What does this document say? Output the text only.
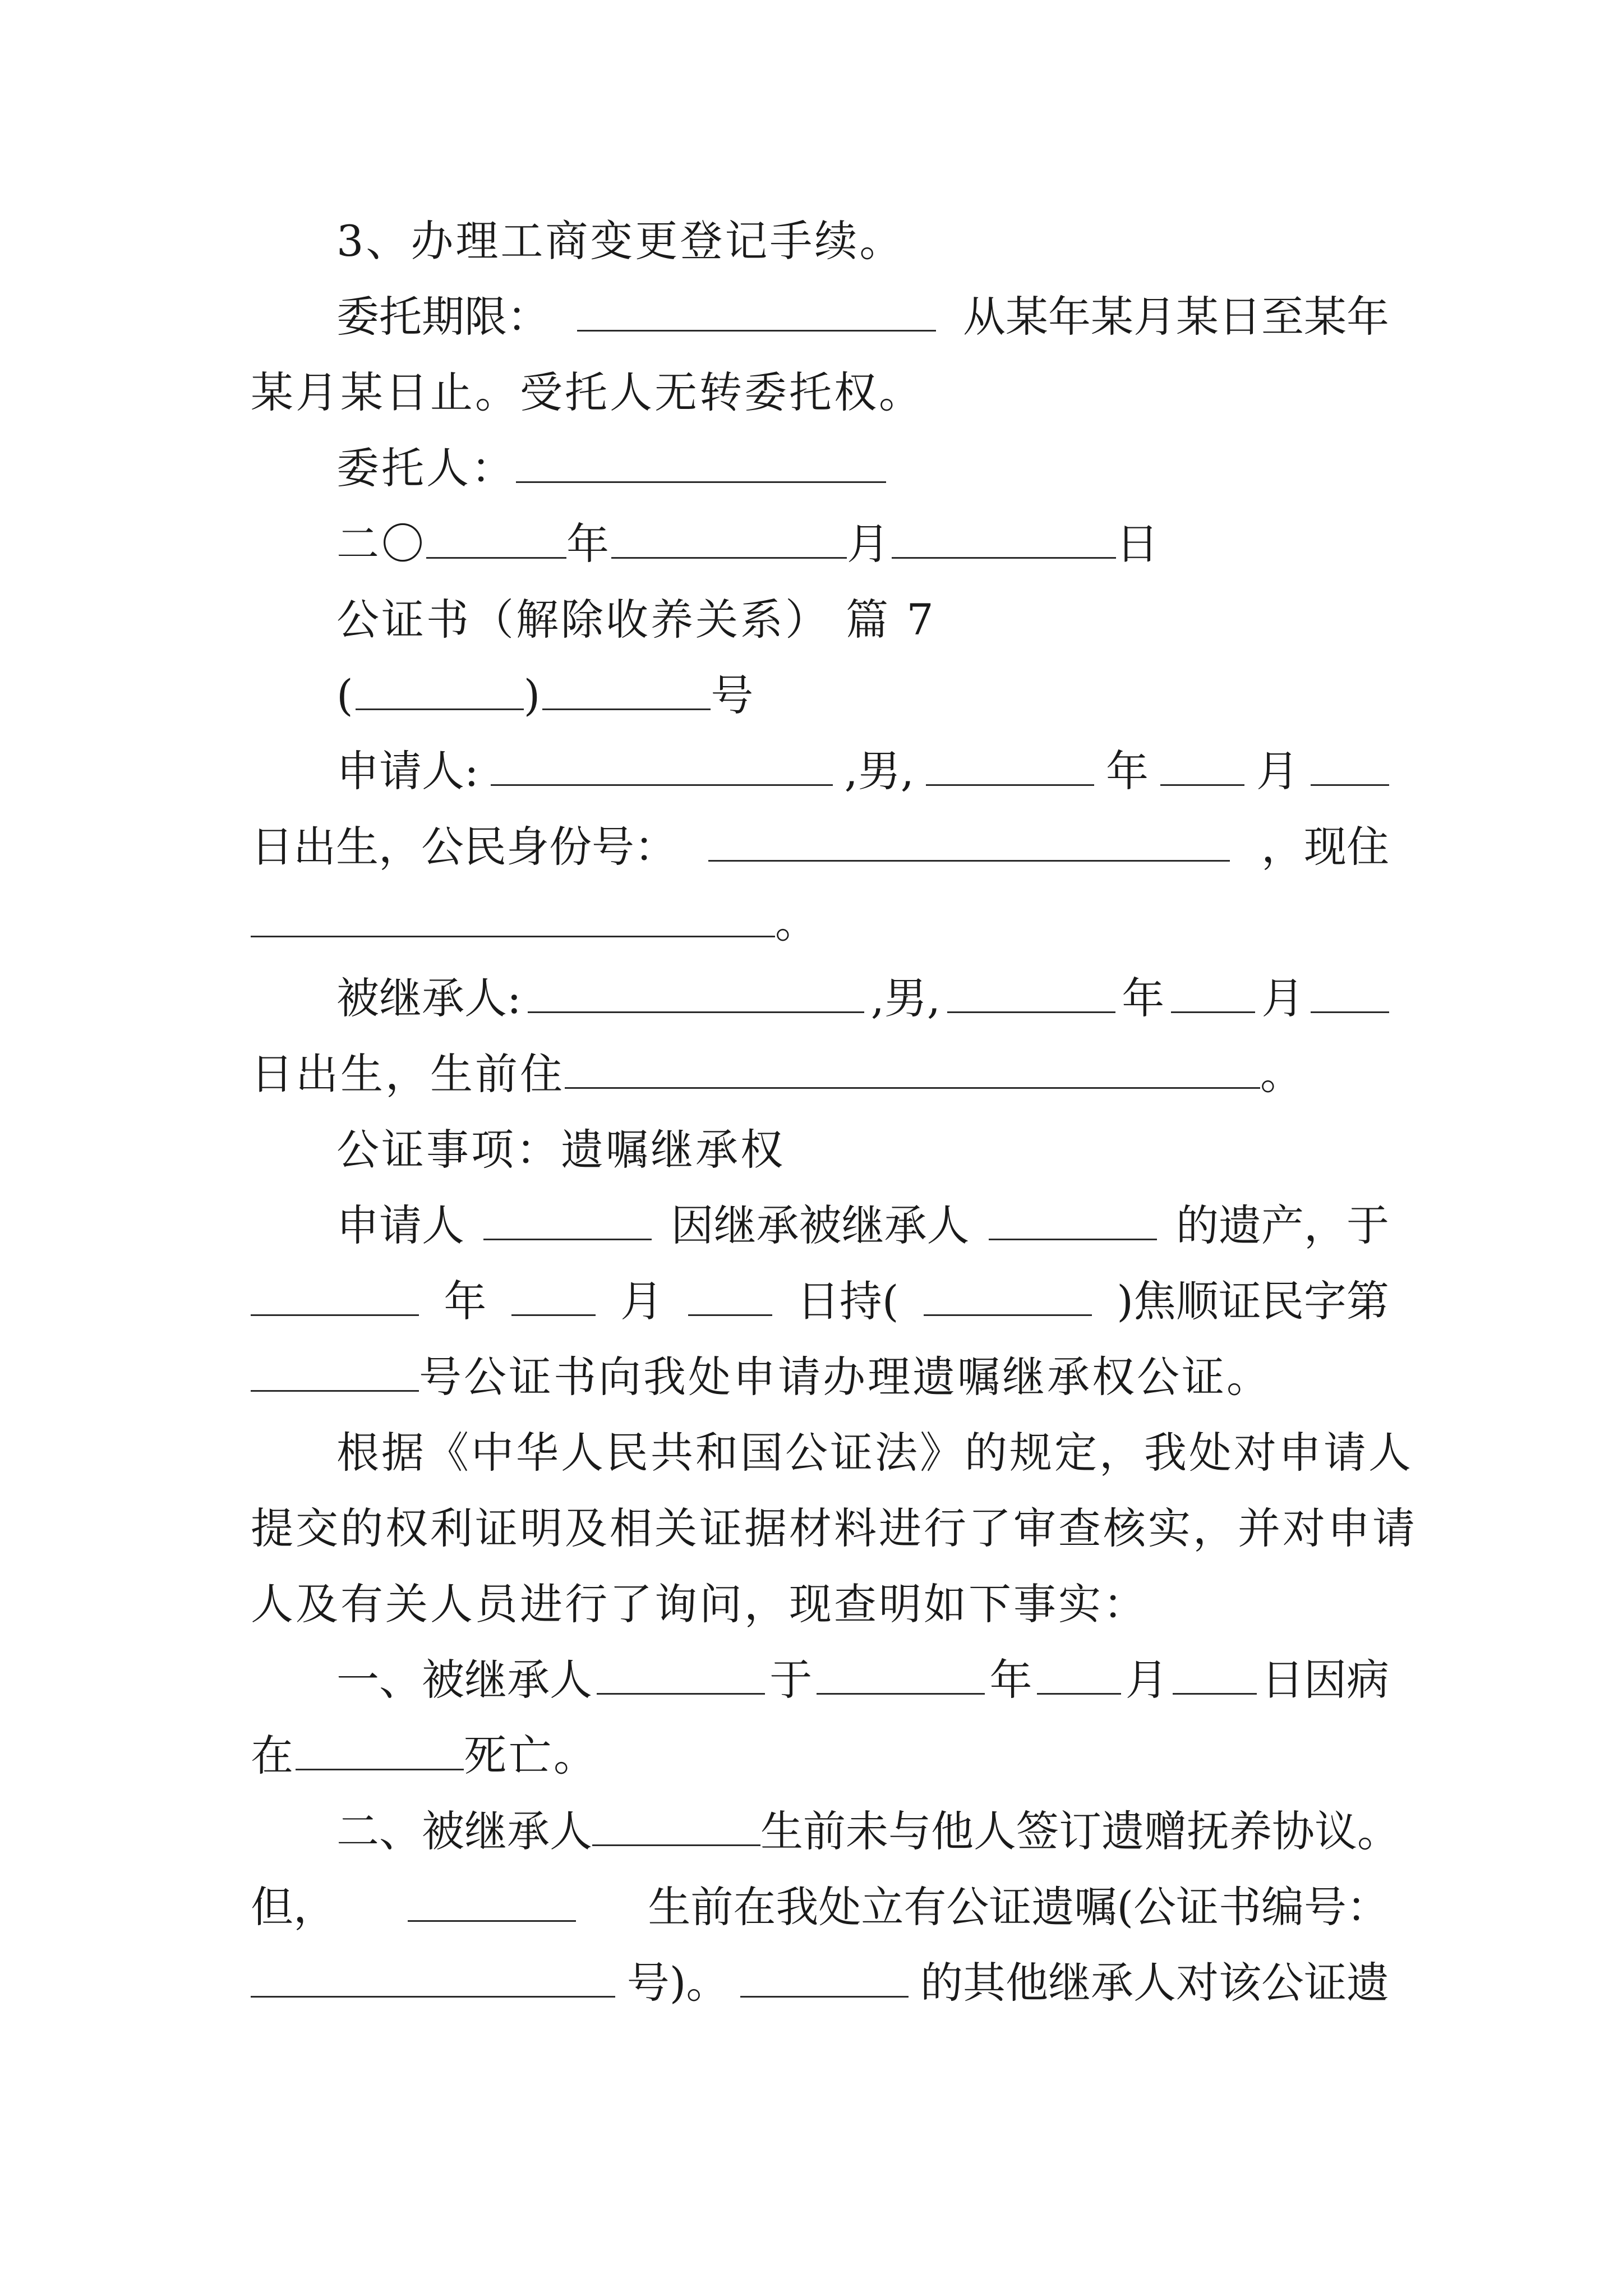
3、办理工商变更登记手续。
委托期限：	从某年某月某日至某年
某月某日止。受托人无转委托权。
委托人：
二〇	年	月	日
公证书（解除收养关系） 篇 7
(	)	号
申请人:	,男,	年	月
日出生，公民身份号：	，现住
。
被继承人:	,男,	年 月
日出生，生前住	。
公证事项：遗嘱继承权
申请人	因继承被继承人	的遗产，于
年	月	日持(	)焦顺证民字第
号公证书向我处申请办理遗嘱继承权公证。
根据《中华人民共和国公证法》的规定，我处对申请人
提交的权利证明及相关证据材料进行了审查核实，并对申请
人及有关人员进行了询问，现查明如下事实：
一、被继承人	于	年 月 日因病
在	死亡。
二、被继承人	生前未与他人签订遗赠抚养协议。
但，	生前在我处立有公证遗嘱(公证书编号：
号)。	的其他继承人对该公证遗
